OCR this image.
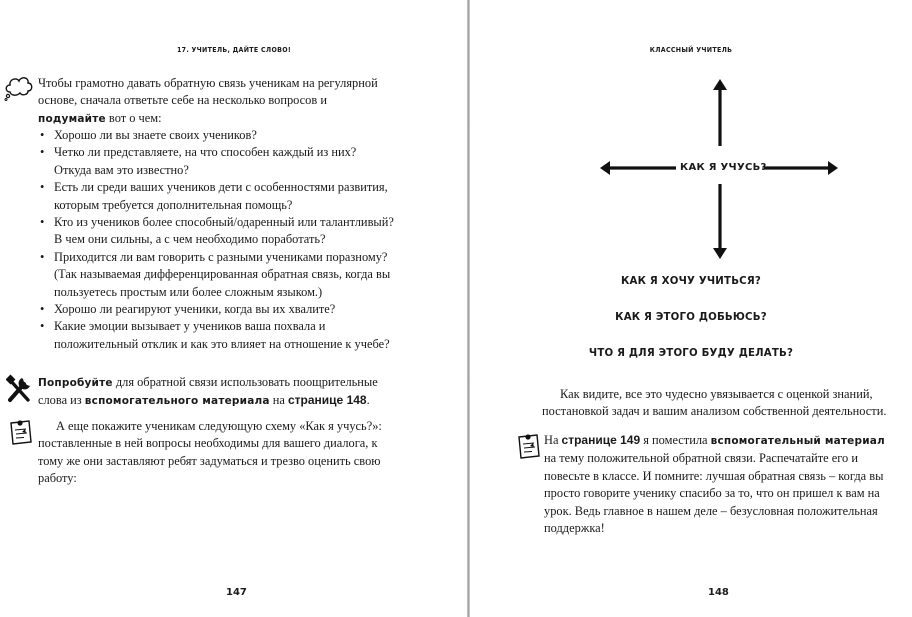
17. УЧИТЕЛЬ, ДАЙТЕ СЛОВО!
Чтобы грамотно давать обратную связь ученикам на регулярной основе, сначала ответьте себе на несколько вопросов и подумайте вот о чем:
• Хорошо ли вы знаете своих учеников?
• Четко ли представляете, на что способен каждый из них? Откуда вам это известно?
• Есть ли среди ваших учеников дети с особенностями развития, которым требуется дополнительная помощь?
• Кто из учеников более способный/одаренный или талантливый? В чем они сильны, а с чем необходимо поработать?
• Приходится ли вам говорить с разными учениками поразному? (Так называемая дифференцированная обратная связь, когда вы пользуетесь простым или более сложным языком.)
• Хорошо ли реагируют ученики, когда вы их хвалите?
• Какие эмоции вызывает у учеников ваша похвала и положительный отклик и как это влияет на отношение к учебе?
Попробуйте для обратной связи использовать поощрительные слова из вспомогательного материала на странице 148.
А еще покажите ученикам следующую схему «Как я учусь?»: поставленные в ней вопросы необходимы для вашего диалога, к тому же они заставляют ребят задуматься и трезво оценить свою работу:
147
КЛАССНЫЙ УЧИТЕЛЬ
КАК Я УЧУСЬ?
КАК Я ХОЧУ УЧИТЬСЯ?
КАК Я ЭТОГО ДОБЬЮСЬ?
ЧТО Я ДЛЯ ЭТОГО БУДУ ДЕЛАТЬ?
Как видите, все это чудесно увязывается с оценкой знаний, постановкой задач и вашим анализом собственной деятельности.
На странице 149 я поместила вспомогательный материал на тему положительной обратной связи. Распечатайте его и повесьте в классе. И помните: лучшая обратная связь – когда вы просто говорите ученику спасибо за то, что он пришел к вам на урок. Ведь главное в нашем деле – безусловная положительная поддержка!
148
